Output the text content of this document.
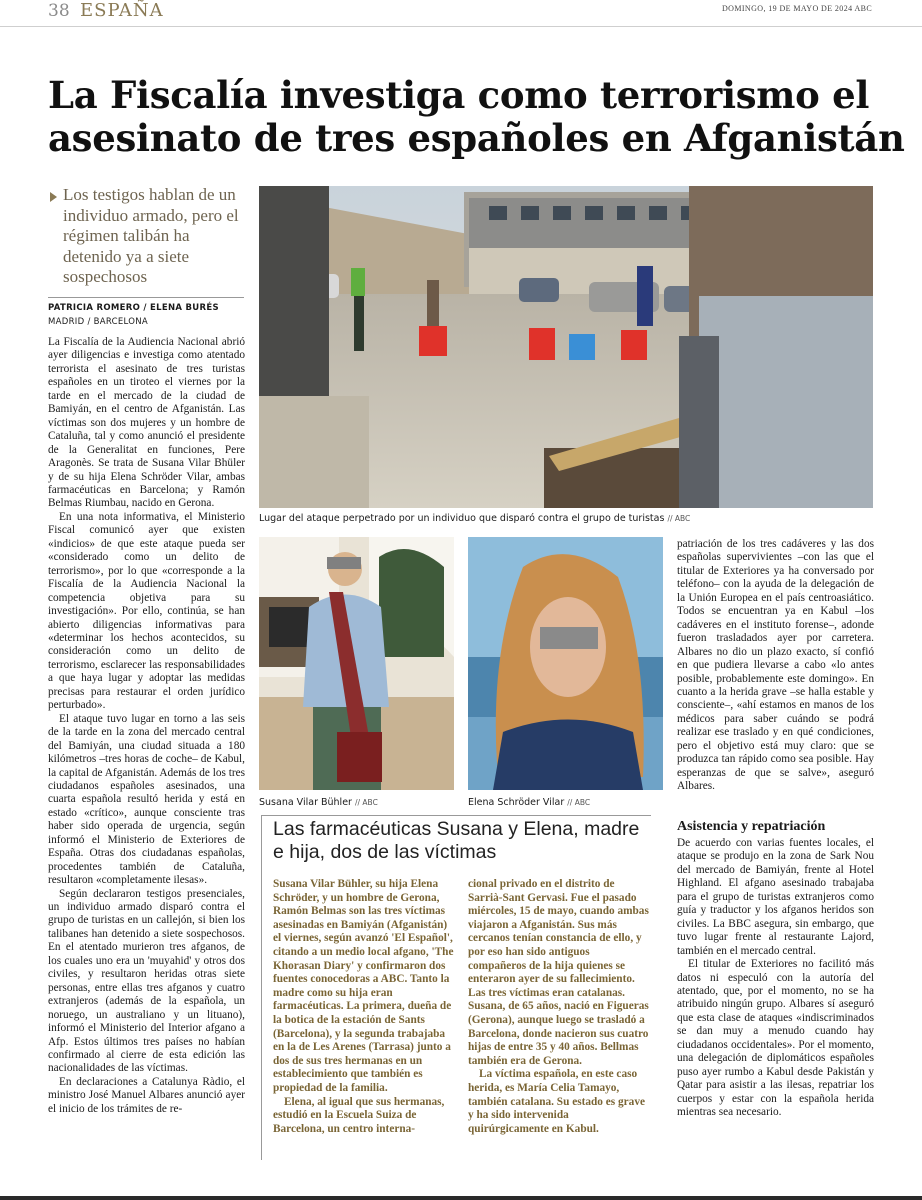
38 ESPAÑA	DOMINGO, 19 DE MAYO DE 2024 ABC
La Fiscalía investiga como terrorismo el asesinato de tres españoles en Afganistán
Los testigos hablan de un individuo armado, pero el régimen talibán ha detenido ya a siete sospechosos
PATRICIA ROMERO / ELENA BURÉS
MADRID / BARCELONA

La Fiscalía de la Audiencia Nacional abrió ayer diligencias e investiga como atentado terrorista el asesinato de tres turistas españoles en un tiroteo el viernes por la tarde en el mercado de la ciudad de Bamiyán, en el centro de Afganistán. Las víctimas son dos mujeres y un hombre de Cataluña, tal y como anunció el presidente de la Generalitat en funciones, Pere Aragonès. Se trata de Susana Vilar Bhüler y de su hija Elena Schröder Vilar, ambas farmacéuticas en Barcelona; y Ramón Belmas Riumbau, nacido en Gerona.

En una nota informativa, el Ministerio Fiscal comunicó ayer que existen «indicios» de que este ataque pueda ser «considerado como un delito de terrorismo», por lo que «corresponde a la Fiscalía de la Audiencia Nacional la competencia objetiva para su investigación». Por ello, continúa, se han abierto diligencias informativas para «determinar los hechos acontecidos, su consideración como un delito de terrorismo, esclarecer las responsabilidades a que haya lugar y adoptar las medidas precisas para restaurar el orden jurídico perturbado».

El ataque tuvo lugar en torno a las seis de la tarde en la zona del mercado central del Bamiyán, una ciudad situada a 180 kilómetros –tres horas de coche– de Kabul, la capital de Afganistán. Además de los tres ciudadanos españoles asesinados, una cuarta española resultó herida y está en estado «crítico», aunque consciente tras haber sido operada de urgencia, según informó el Ministerio de Exteriores de España. Otras dos ciudadanas españolas, procedentes también de Cataluña, resultaron «completamente ilesas».

Según declararon testigos presenciales, un individuo armado disparó contra el grupo de turistas en un callejón, si bien los talibanes han detenido a siete sospechosos. En el atentado murieron tres afganos, de los cuales uno era un 'muyahid' y otros dos civiles, y resultaron heridas otras siete personas, entre ellas tres afganos y cuatro extranjeros (además de la española, un noruego, un australiano y un lituano), informó el Ministerio del Interior afgano a Afp. Estos últimos tres países no habían confirmado al cierre de esta edición las nacionalidades de las víctimas.

En declaraciones a Catalunya Ràdio, el ministro José Manuel Albares anunció ayer el inicio de los trámites de re-

Lugar del ataque perpetrado por un individuo que disparó contra el grupo de turistas // ABC
Susana Vilar Bühler // ABC	Elena Schröder Vilar // ABC
Las farmacéuticas Susana y Elena, madre e hija, dos de las víctimas

Susana Vilar Bühler, su hija Elena Schröder, y un hombre de Gerona, Ramón Belmas son las tres víctimas asesinadas en Bamiyán (Afganistán) el viernes, según avanzó 'El Español', citando a un medio local afgano, 'The Khorasan Diary' y confirmaron dos fuentes conocedoras a ABC. Tanto la madre como su hija eran farmacéuticas. La primera, dueña de la botica de la estación de Sants (Barcelona), y la segunda trabajaba en la de Les Arenes (Tarrasa) junto a dos de sus tres hermanas en un establecimiento que también es propiedad de la familia.

Elena, al igual que sus hermanas, estudió en la Escuela Suiza de Barcelona, un centro interna-

cional privado en el distrito de Sarrià-Sant Gervasi. Fue el pasado miércoles, 15 de mayo, cuando ambas viajaron a Afganistán. Sus más cercanos tenían constancia de ello, y por eso han sido antiguos compañeros de la hija quienes se enteraron ayer de su fallecimiento. Las tres víctimas eran catalanas. Susana, de 65 años, nació en Figueras (Gerona), aunque luego se trasladó a Barcelona, donde nacieron sus cuatro hijas de entre 35 y 40 años. Bellmas también era de Gerona.

La víctima española, en este caso herida, es María Celia Tamayo, también catalana. Su estado es grave y ha sido intervenida quirúrgicamente en Kabul.

patriación de los tres cadáveres y las dos españolas supervivientes –con las que el titular de Exteriores ya ha conversado por teléfono– con la ayuda de la delegación de la Unión Europea en el país centroasiático. Todos se encuentran ya en Kabul –los cadáveres en el instituto forense–, adonde fueron trasladados ayer por carretera. Albares no dio un plazo exacto, sí confió en que pudiera llevarse a cabo «lo antes posible, probablemente este domingo». En cuanto a la herida grave –se halla estable y consciente–, «ahí estamos en manos de los médicos para saber cuándo se podrá realizar ese traslado y en qué condiciones, pero el objetivo está muy claro: que se produzca tan rápido como sea posible. Hay esperanzas de que se salve», aseguró Albares.

Asistencia y repatriación

De acuerdo con varias fuentes locales, el ataque se produjo en la zona de Sark Nou del mercado de Bamiyán, frente al Hotel Highland. El afgano asesinado trabajaba para el grupo de turistas extranjeros como guía y traductor y los afganos heridos son civiles. La BBC asegura, sin embargo, que tuvo lugar frente al restaurante Lajord, también en el mercado central.

El titular de Exteriores no facilitó más datos ni especuló con la autoría del atentado, que, por el momento, no se ha atribuido ningún grupo. Albares sí aseguró que esta clase de ataques «indiscriminados se dan muy a menudo cuando hay ciudadanos occidentales». Por el momento, una delegación de diplomáticos españoles puso ayer rumbo a Kabul desde Pakistán y Qatar para asistir a las ilesas, repatriar los cuerpos y estar con la española herida mientras sea necesario.
